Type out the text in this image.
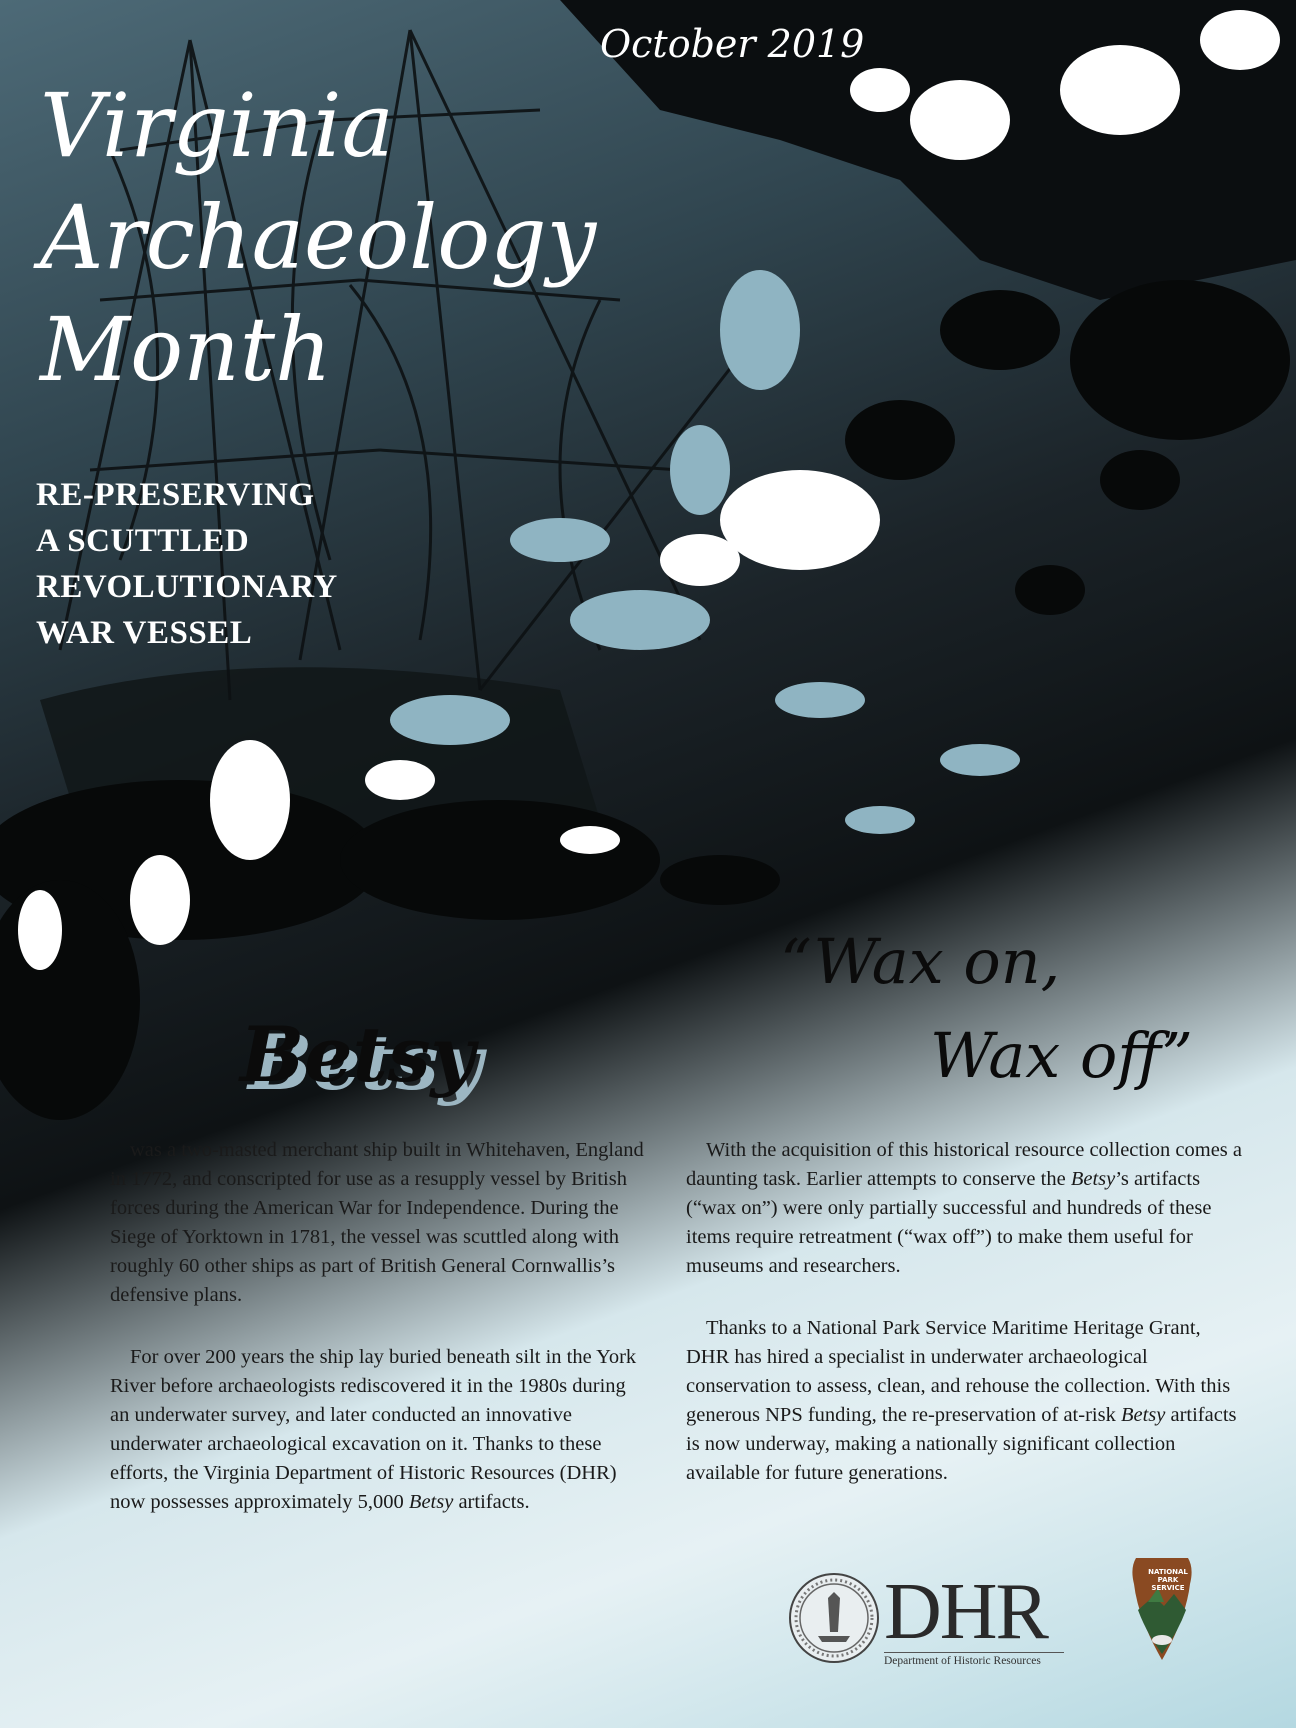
October 2019
Virginia
Archaeology
Month
RE-PRESERVING
A SCUTTLED
REVOLUTIONARY
WAR VESSEL
Betsy
“Wax on,
Wax off”

was a two-masted merchant ship built in Whitehaven, England in 1772, and conscripted for use as a resupply vessel by British forces during the American War for Independence. During the Siege of Yorktown in 1781, the vessel was scuttled along with roughly 60 other ships as part of British General Cornwallis’s defensive plans.

For over 200 years the ship lay buried beneath silt in the York River before archaeologists rediscovered it in the 1980s during an underwater survey, and later conducted an innovative underwater archaeological excavation on it. Thanks to these efforts, the Virginia Department of Historic Resources (DHR) now possesses approximately 5,000 Betsy artifacts.

With the acquisition of this historical resource collection comes a daunting task. Earlier attempts to conserve the Betsy’s artifacts (“wax on”) were only partially successful and hundreds of these items require retreatment (“wax off”) to make them useful for museums and researchers.

Thanks to a National Park Service Maritime Heritage Grant, DHR has hired a specialist in underwater archaeological conservation to assess, clean, and rehouse the collection. With this generous NPS funding, the re-preservation of at-risk Betsy artifacts is now underway, making a nationally significant collection available for future generations.

DHR
Department of Historic Resources
NATIONAL
PARK
SERVICE
